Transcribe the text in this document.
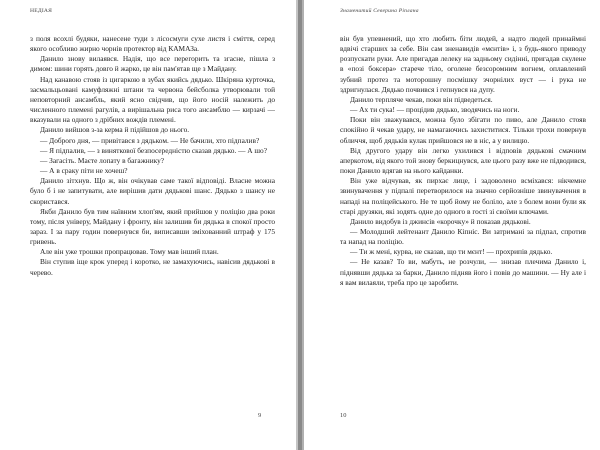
НЕДІАЯ

з поля всохлі будяки, нанесене туди з лісосмуги сухе листя і сміття, серед якого особливо жирно чорнів протектор від КАМАЗа.

Данило знову вилаявся. Надія, що все перегорить та згасне, пішла з димом: шини горять довго й жарко, це він пам'ятав ще з Майдану.

Над канавою стояв із цигаркою в зубах якийсь дядько. Шкіряна курточка, засмальцьовані камуфляжні штани та червона бейсболка утворювали той неповторний ансамбль, який ясно свідчив, що його носій належить до численного племені рагулів, а вирішальна риса того ансамблю — кирзачі — вказували на одного з дрібних вождів племені.

Данило вийшов з-за керма й підійшов до нього.

— Доброго дня, — привітався з дядьком. — Не бачили, хто підпалив?

— Я підпалив, — з виняткової безпосередністю сказав дядько. — А шо?

— Загасіть. Маєте лопату в багажнику?

— А в сраку піти не хочеш?

Данило зітхнув. Що ж, він очікував саме такої відповіді. Власне можна було б і не запитувати, але вирішив дати дядькові шанс. Дядько з шансу не скористався.

Якби Данило був тим наївним хлоп'ям, який прийшов у поліцію два роки тому, після універу, Майдану і фронту, він залишив би дядька в спокої просто зараз. І за пару годин повернувся би, виписавши зміхованний штраф у 175 гривень.

Але він уже трошки пропрацював. Тому мав інший план.

Він ступив іще крок уперед і коротко, не замахуючись, навісив дядькові в черево.

9
Знаменитий Северина Ріплана

він був упевнений, що хто любить біти людей, а надто людей принаймні вдвічі старших за себе. Він сам зненавидів «мєнтів» і, з будь-якого приводу розпускати руки. Але пригадав лелеку на задньому сидінні, пригадав скулене в «позі боксера» старече тіло, оголене безсоромним вогнем, оплавлений зубний протез та моторошну посмішку зчорнілих вуст — і рука не здригнулася. Дядько почвився і гепнувся на дупу.

Данило терпляче чекав, поки він підведеться.

— Ах ти сука! — процідив дядько, зводячись на ноги.

Поки він зважувався, можна було збігати по пиво, але Данило стояв спокійно й чекав удару, не намагаючись захиститися. Тільки трохи повернув обличчя, щоб дядьків кулак прийшовся не в ніс, а у вилицю.

Від другого удару він легко ухилився і відповів дядькові смачним аперкотом, від якого той знову беркицнувся, але цього разу вже не підводився, поки Данило вдягав на нього кайданки.

Він уже відчував, як пирхає лице, і задоволено всміхався: нікчемне звинувачення у підпалі перетворилося на значно серйозніше звинувачення в нападі на поліцейського. Не те щоб йому не боліло, але з болем вони були як старі друзяки, які зодять одне до одного в гості зі своїми ключами.

Данило видобув із джинсів «корочку» й показав дядькові.

— Молодший лейтенант Данило Кіпніс. Ви затримані за підпал, спротив та напад на поліцію.

— Ти ж мені, курва, не сказав, що ти мєнт! — прохрипів дядько.

— Не казав? То ви, мабуть, не розчули, — знизав плечима Данило і, піднявши дядька за барки, Данило підняв його і повів до машини. — Ну але і я вам вилаяли, треба про це заробити.

10
